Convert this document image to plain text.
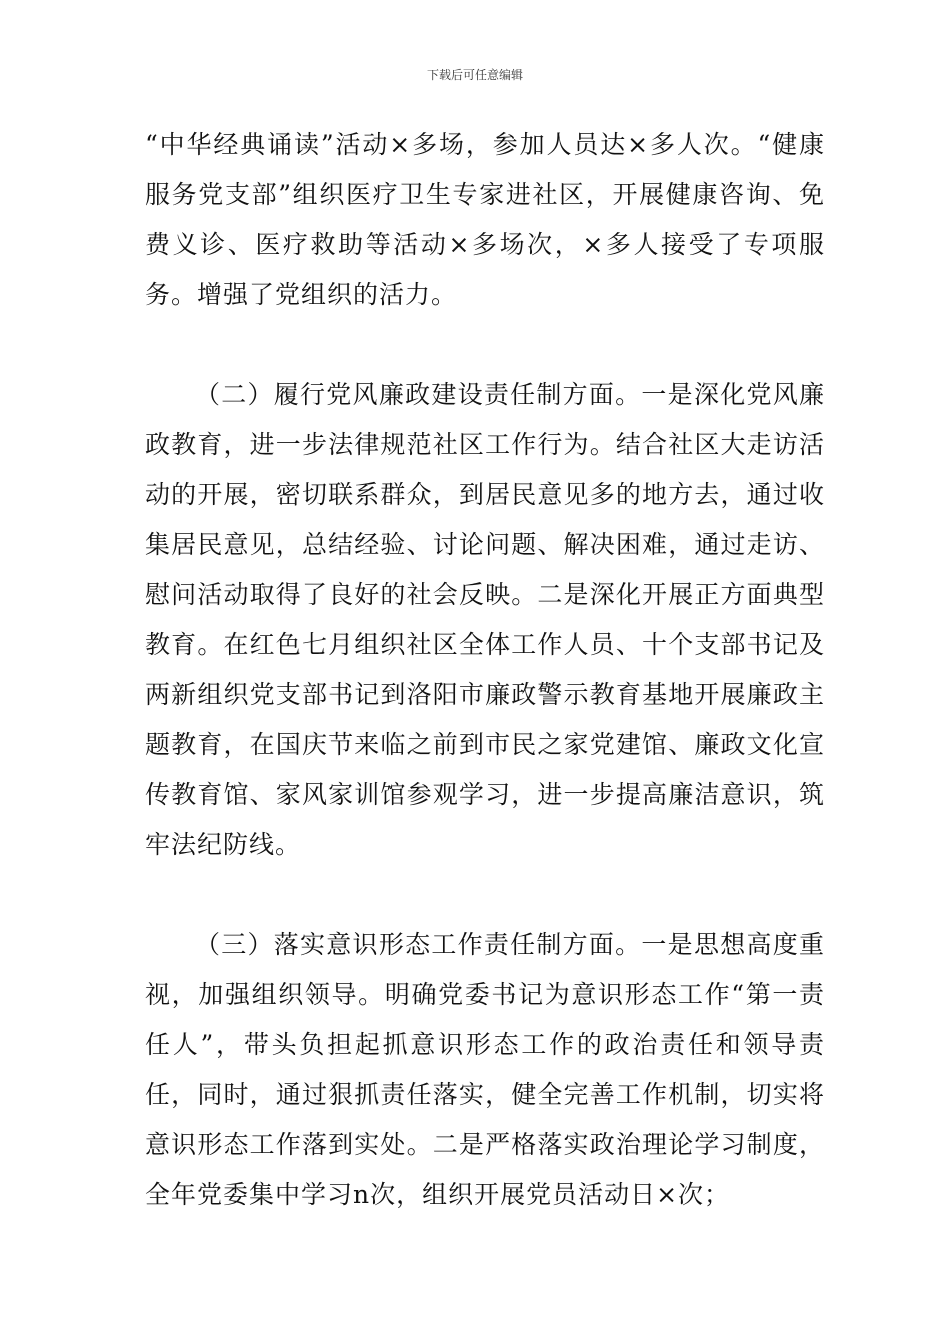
下载后可任意编辑

“中华经典诵读”活动×多场，参加人员达×多人次。“健康服务党支部”组织医疗卫生专家进社区，开展健康咨询、免费义诊、医疗救助等活动×多场次，×多人接受了专项服务。增强了党组织的活力。

（二）履行党风廉政建设责任制方面。一是深化党风廉政教育，进一步法律规范社区工作行为。结合社区大走访活动的开展，密切联系群众，到居民意见多的地方去，通过收集居民意见，总结经验、讨论问题、解决困难，通过走访、慰问活动取得了良好的社会反映。二是深化开展正方面典型教育。在红色七月组织社区全体工作人员、十个支部书记及两新组织党支部书记到洛阳市廉政警示教育基地开展廉政主题教育，在国庆节来临之前到市民之家党建馆、廉政文化宣传教育馆、家风家训馆参观学习，进一步提高廉洁意识，筑牢法纪防线。

（三）落实意识形态工作责任制方面。一是思想高度重视，加强组织领导。明确党委书记为意识形态工作“第一责任人”，带头负担起抓意识形态工作的政治责任和领导责任，同时，通过狠抓责任落实，健全完善工作机制，切实将意识形态工作落到实处。二是严格落实政治理论学习制度，全年党委集中学习n次，组织开展党员活动日×次；
